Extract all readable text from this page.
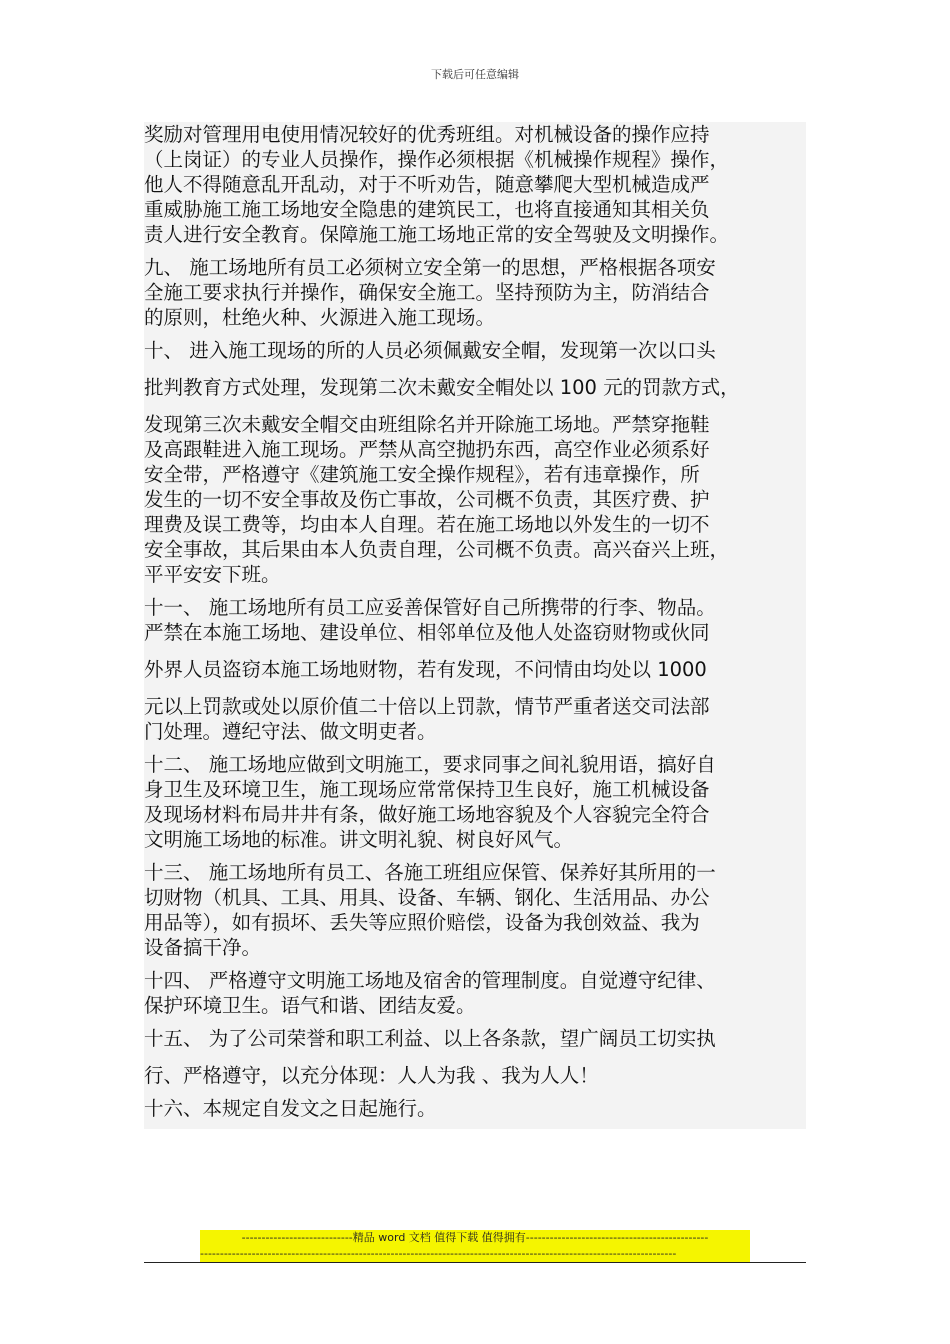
下载后可任意编辑
奖励对管理用电使用情况较好的优秀班组。对机械设备的操作应持
（上岗证）的专业人员操作，操作必须根据《机械操作规程》操作，
他人不得随意乱开乱动，对于不听劝告，随意攀爬大型机械造成严
重威胁施工施工场地安全隐患的建筑民工，也将直接通知其相关负
责人进行安全教育。保障施工施工场地正常的安全驾驶及文明操作。
九、 施工场地所有员工必须树立安全第一的思想，严格根据各项安
全施工要求执行并操作，确保安全施工。坚持预防为主，防消结合
的原则，杜绝火种、火源进入施工现场。
十、 进入施工现场的所的人员必须佩戴安全帽，发现第一次以口头
批判教育方式处理，发现第二次未戴安全帽处以 100 元的罚款方式，
发现第三次未戴安全帽交由班组除名并开除施工场地。严禁穿拖鞋
及高跟鞋进入施工现场。严禁从高空抛扔东西，高空作业必须系好
安全带，严格遵守《建筑施工安全操作规程》，若有违章操作，所
发生的一切不安全事故及伤亡事故，公司概不负责，其医疗费、护
理费及误工费等，均由本人自理。若在施工场地以外发生的一切不
安全事故，其后果由本人负责自理，公司概不负责。高兴奋兴上班，
平平安安下班。
十一、 施工场地所有员工应妥善保管好自己所携带的行李、物品。
严禁在本施工场地、建设单位、相邻单位及他人处盗窃财物或伙同
外界人员盗窃本施工场地财物，若有发现，不问情由均处以 1000
元以上罚款或处以原价值二十倍以上罚款，情节严重者送交司法部
门处理。遵纪守法、做文明吏者。
十二、 施工场地应做到文明施工，要求同事之间礼貌用语，搞好自
身卫生及环境卫生，施工现场应常常保持卫生良好，施工机械设备
及现场材料布局井井有条，做好施工场地容貌及个人容貌完全符合
文明施工场地的标准。讲文明礼貌、树良好风气。
十三、 施工场地所有员工、各施工班组应保管、保养好其所用的一
切财物（机具、工具、用具、设备、车辆、钢化、生活用品、办公
用品等），如有损坏、丢失等应照价赔偿，设备为我创效益、我为
设备搞干净。
十四、 严格遵守文明施工场地及宿舍的管理制度。自觉遵守纪律、
保护环境卫生。语气和谐、团结友爱。
十五、 为了公司荣誉和职工利益、以上各条款，望广阔员工切实执
行、严格遵守，以充分体现：人人为我 、我为人人！
十六、本规定自发文之日起施行。
----------------------------精品 word 文档 值得下载 值得拥有----------------------------------------------
------------------------------------------------------------------------------------------------------------------------
